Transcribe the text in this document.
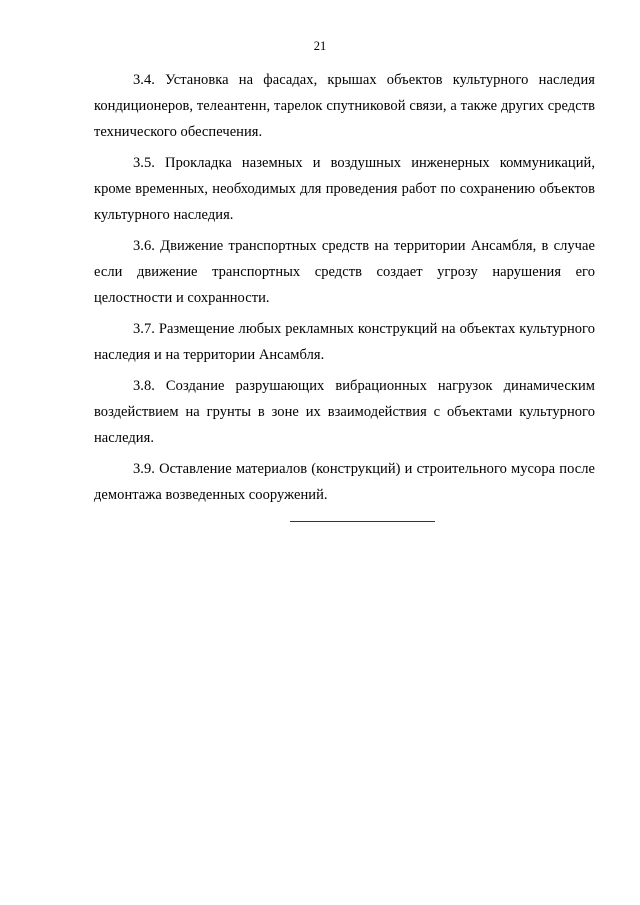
21

3.4. Установка на фасадах, крышах объектов культурного наследия кондиционеров, телеантенн, тарелок спутниковой связи, а также других средств технического обеспечения.

3.5. Прокладка наземных и воздушных инженерных коммуникаций, кроме временных, необходимых для проведения работ по сохранению объектов культурного наследия.

3.6. Движение транспортных средств на территории Ансамбля, в случае если движение транспортных средств создает угрозу нарушения его целостности и сохранности.

3.7. Размещение любых рекламных конструкций на объектах культурного наследия и на территории Ансамбля.

3.8. Создание разрушающих вибрационных нагрузок динамическим воздействием на грунты в зоне их взаимодействия с объектами культурного наследия.

3.9. Оставление материалов (конструкций) и строительного мусора после демонтажа возведенных сооружений.
